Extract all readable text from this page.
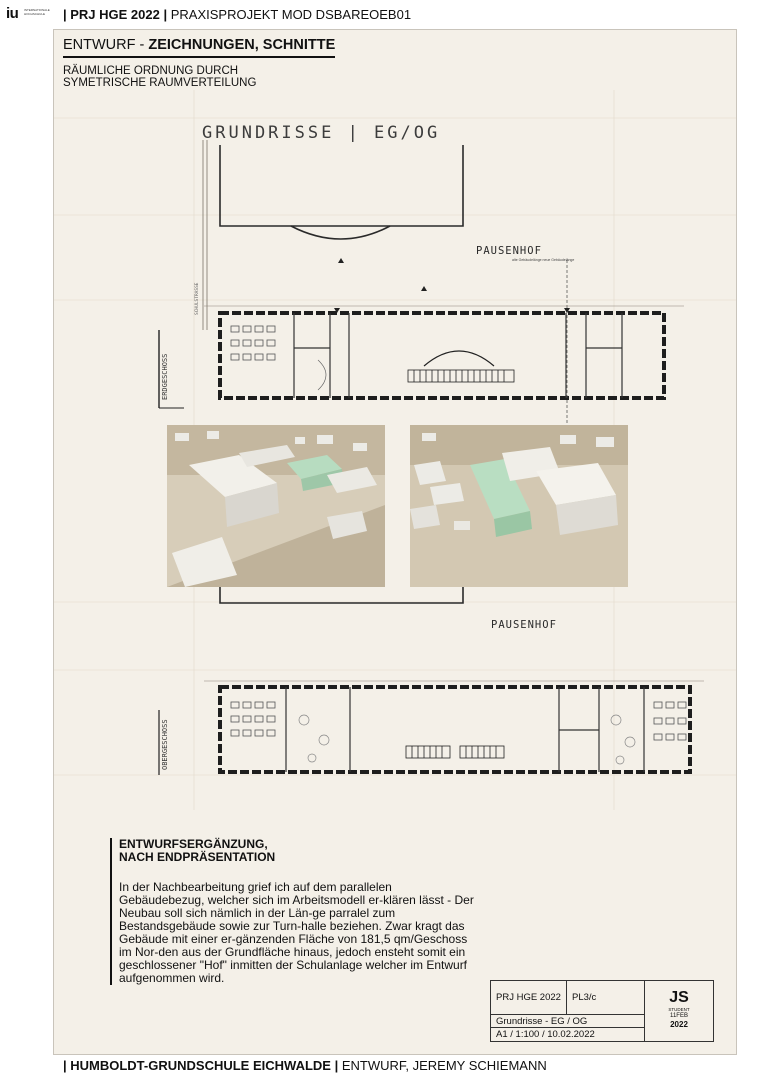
iu INTERNATIONALE HOCHSCHULE	| PRJ HGE 2022 | PRAXISPROJEKT MOD DSBAREOEB01
GRUNDRISSE | EG/OG
PAUSENHOF
alte Gebäudelänge neue Gebäudelänge
PAUSENHOF
ERDGESCHOSS
OBERGESCHOSS
SCHULSTRASSE
ENTWURF - ZEICHNUNGEN, SCHNITTE
RÄUMLICHE ORDNUNG DURCH
SYMETRISCHE RAUMVERTEILUNG
ENTWURFSERGÄNZUNG,
NACH ENDPRÄSENTATION
In der Nachbearbeitung grief ich auf dem parallelen Gebäudebezug, welcher sich im Arbeitsmodell er-klären lässt - Der Neubau soll sich nämlich in der Län-ge parralel zum Bestandsgebäude sowie zur Turn-halle beziehen. Zwar kragt das Gebäude mit einer er-gänzenden Fläche von 181,5 qm/Geschoss im Nor-den aus der Grundfläche hinaus, jedoch ensteht somit ein geschlossener "Hof" inmitten der Schulanlage welcher im Entwurf aufgenommen wird.
PRJ HGE 2022	PL3/c
Grundrisse - EG / OG
A1 / 1:100 / 10.02.2022
JS
STUDENT
11FEB
2022
| HUMBOLDT-GRUNDSCHULE EICHWALDE | ENTWURF, JEREMY SCHIEMANN
